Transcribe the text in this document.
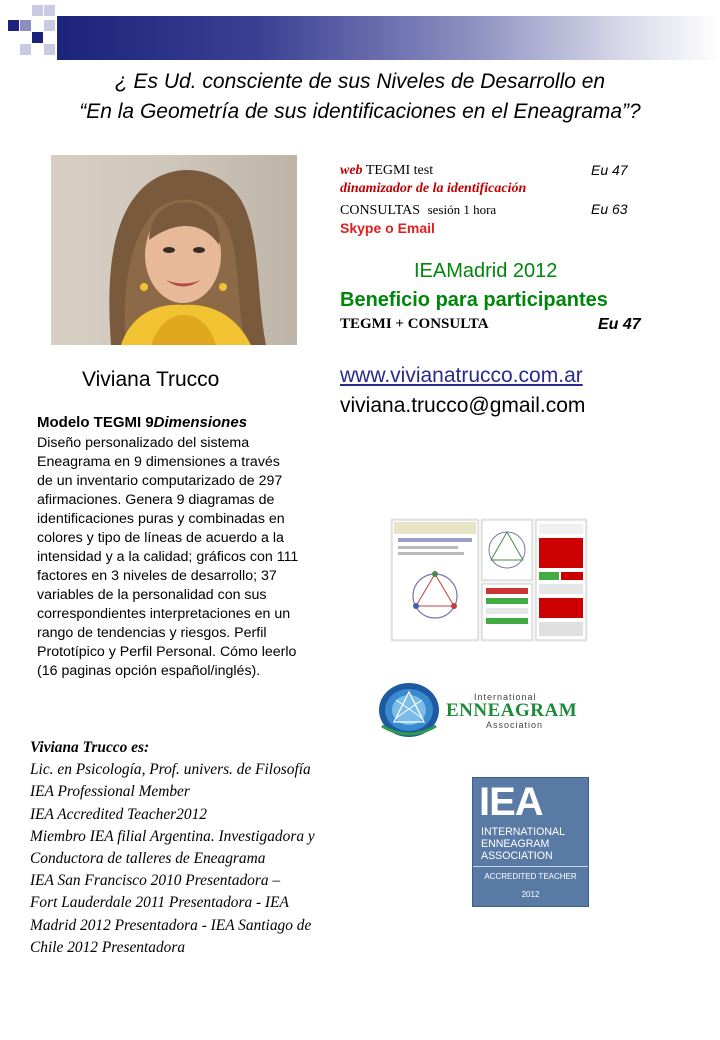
¿ Es Ud. consciente de sus Niveles de Desarrollo en
“En la Geometría de sus identificaciones en el Eneagrama”?
Viviana Trucco
web TEGMI test	Eu 47
dinamizador de la identificación
CONSULTAS sesión 1 hora	Eu 63
Skype o Email
IEAMadrid 2012
Beneficio para participantes
TEGMI + CONSULTA	Eu 47
www.vivianatrucco.com.ar
viviana.trucco@gmail.com
Modelo TEGMI 9Dimensiones
Diseño personalizado del sistema
Eneagrama en 9 dimensiones a través
de un inventario computarizado de 297
afirmaciones. Genera 9 diagramas de
identificaciones puras y combinadas en
colores y tipo de líneas de acuerdo a la
intensidad y a la calidad; gráficos con 111
factores en 3 niveles de desarrollo; 37
variables de la personalidad con sus
correspondientes interpretaciones en un
rango de tendencias y riesgos. Perfil
Prototípico y Perfil Personal. Cómo leerlo
(16 paginas opción español/inglés).
International
ENNEAGRAM
Association
Viviana Trucco es:
Lic. en Psicología, Prof. univers. de Filosofía
IEA Professional Member
IEA Accredited Teacher2012
Miembro IEA filial Argentina. Investigadora y
Conductora de talleres de Eneagrama
IEA San Francisco 2010 Presentadora –
Fort Lauderdale 2011 Presentadora - IEA
Madrid 2012 Presentadora - IEA Santiago de
Chile 2012 Presentadora
IEA
INTERNATIONAL
ENNEAGRAM
ASSOCIATION
ACCREDITED TEACHER
2012
